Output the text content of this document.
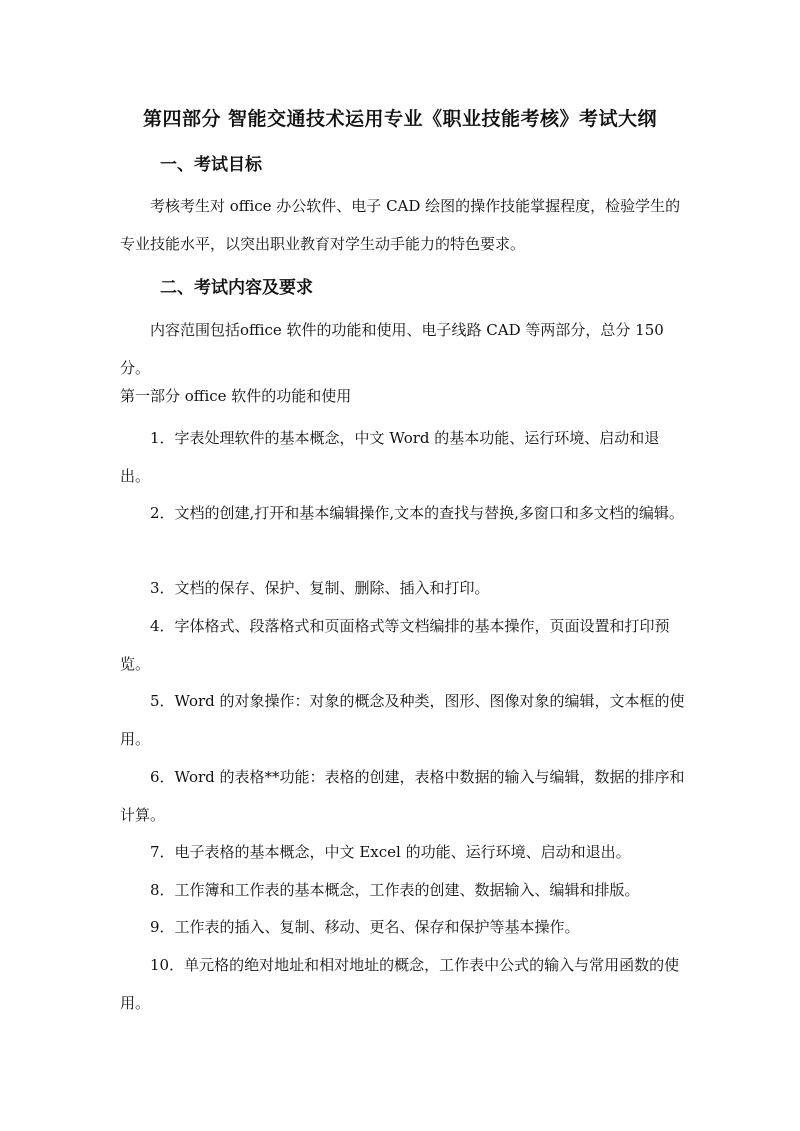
第四部分 智能交通技术运用专业《职业技能考核》考试大纲
一、考试目标
考核考生对 office 办公软件、电子 CAD 绘图的操作技能掌握程度，检验学生的专业技能水平，以突出职业教育对学生动手能力的特色要求。
二、考试内容及要求
内容范围包括office 软件的功能和使用、电子线路 CAD 等两部分，总分 150 分。
第一部分 office 软件的功能和使用
1．字表处理软件的基本概念，中文 Word 的基本功能、运行环境、启动和退出。
2．文档的创建,打开和基本编辑操作,文本的查找与替换,多窗口和多文档的编辑。
3．文档的保存、保护、复制、删除、插入和打印。
4．字体格式、段落格式和页面格式等文档编排的基本操作，页面设置和打印预览。
5．Word 的对象操作：对象的概念及种类，图形、图像对象的编辑，文本框的使用。
6．Word 的表格**功能：表格的创建，表格中数据的输入与编辑，数据的排序和计算。
7．电子表格的基本概念，中文 Excel 的功能、运行环境、启动和退出。
8．工作簿和工作表的基本概念，工作表的创建、数据输入、编辑和排版。
9．工作表的插入、复制、移动、更名、保存和保护等基本操作。
10．单元格的绝对地址和相对地址的概念，工作表中公式的输入与常用函数的使用。
